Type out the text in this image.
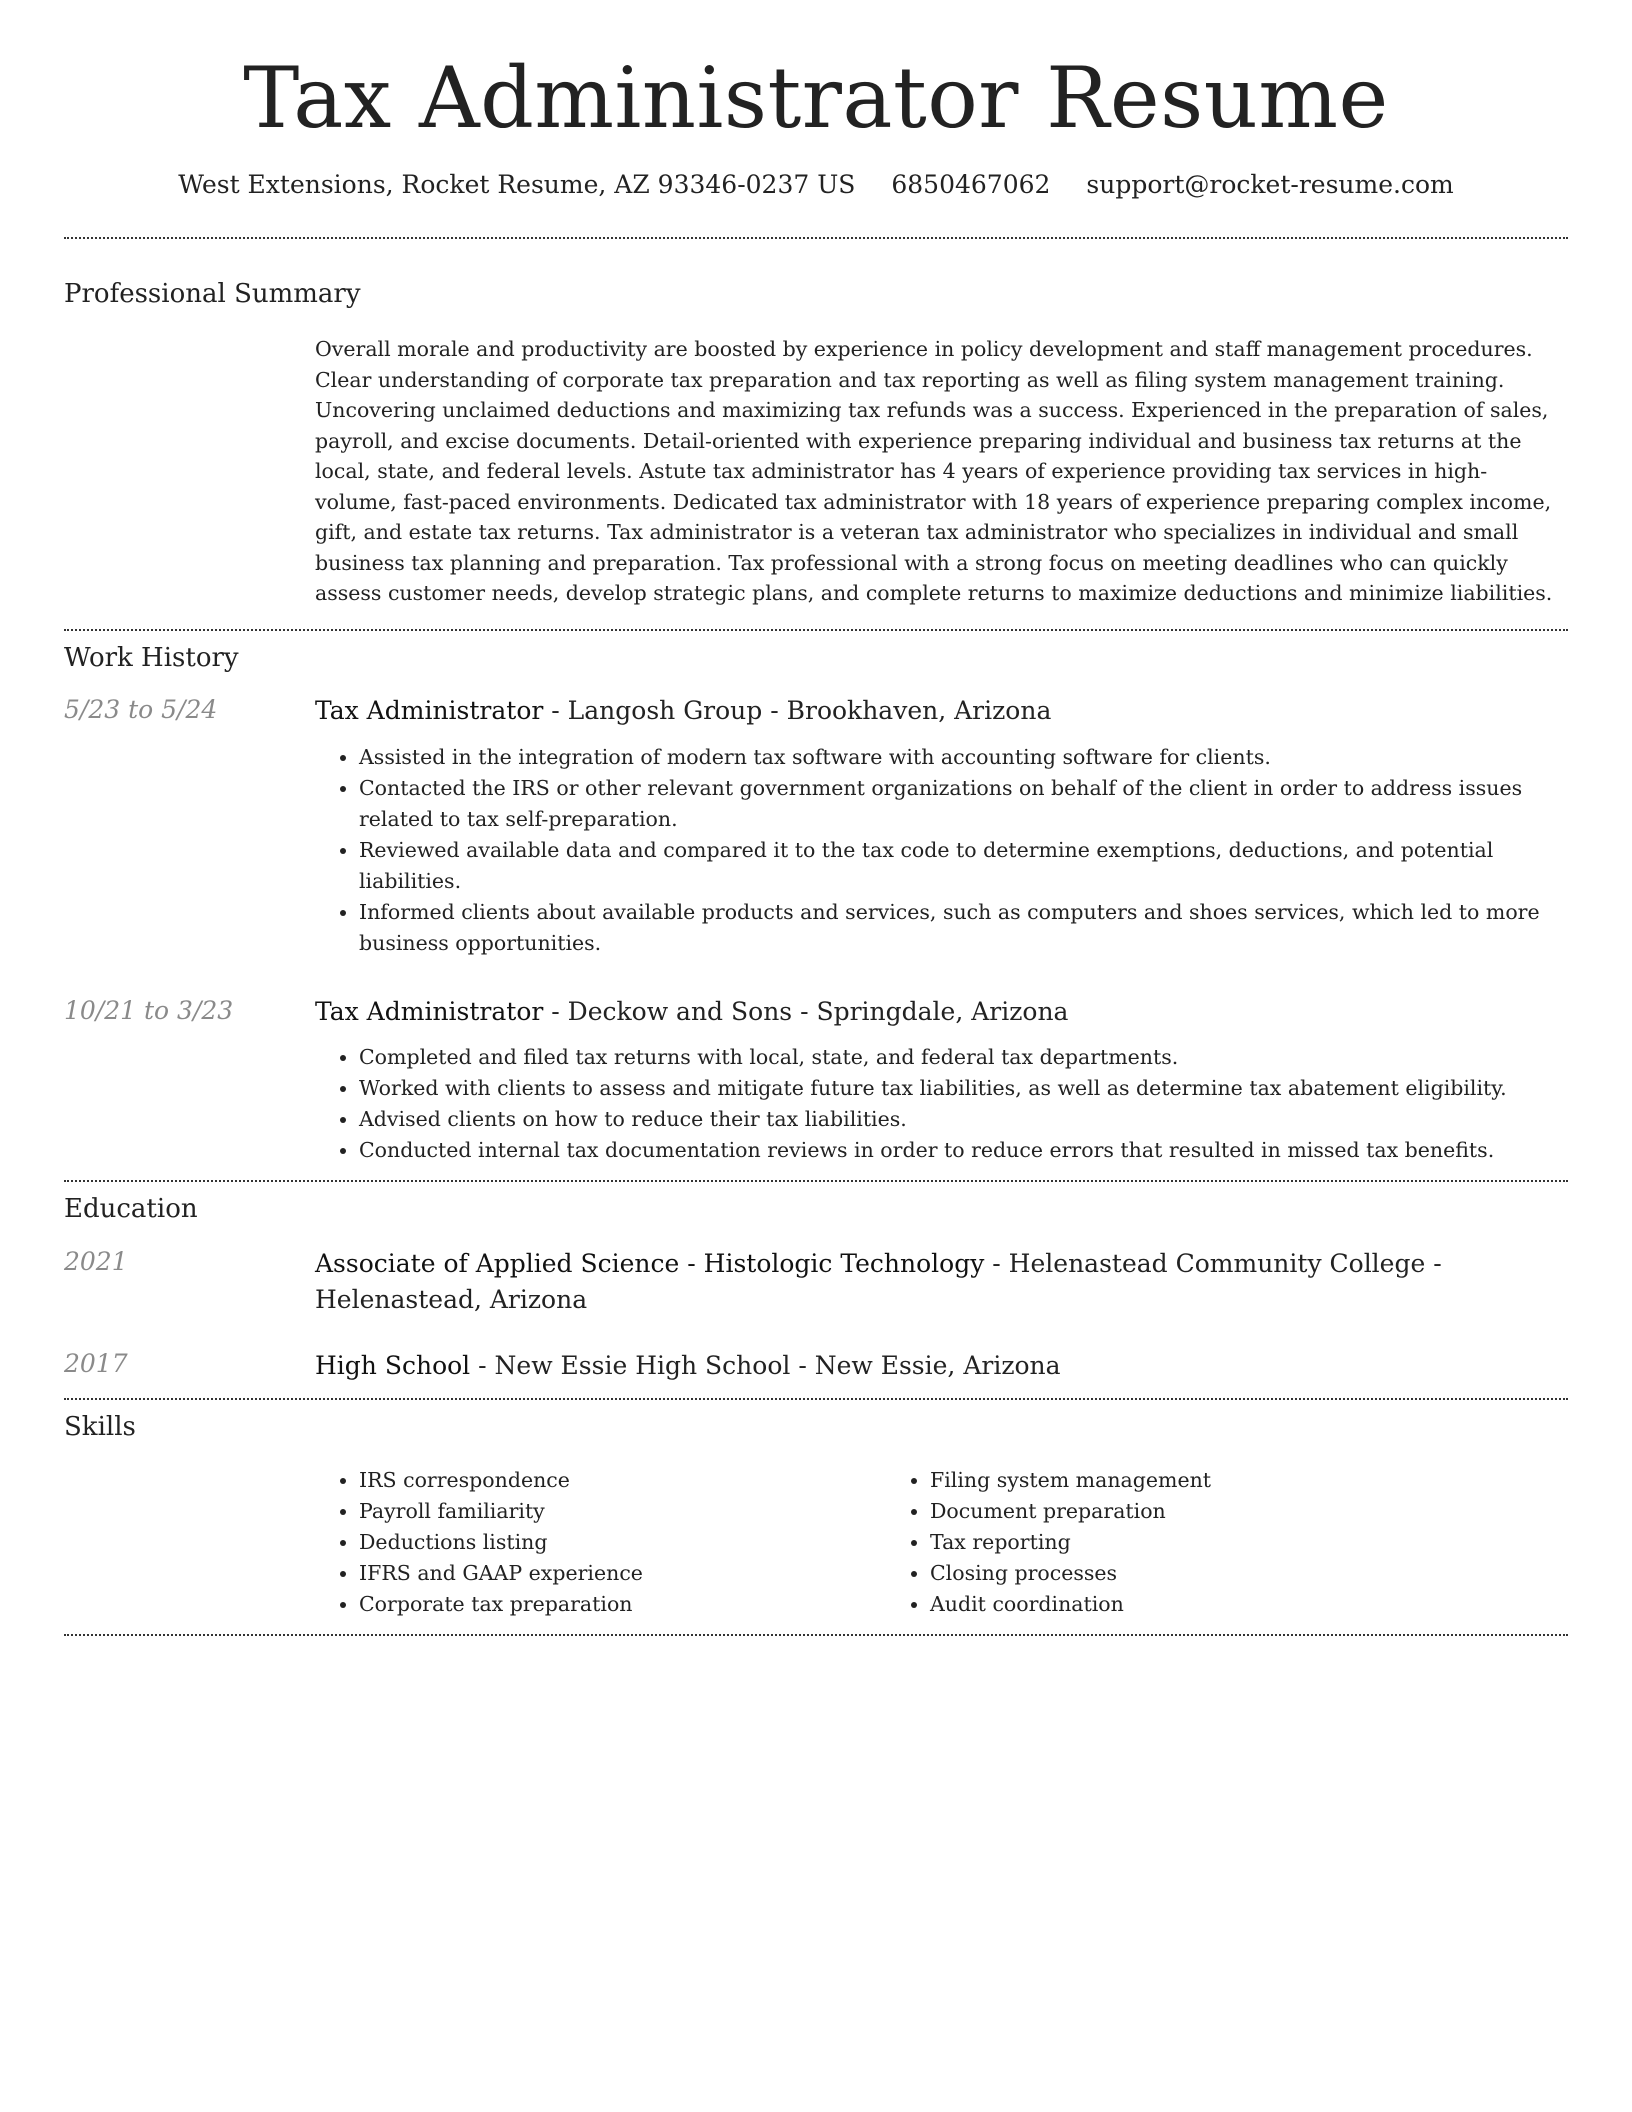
Tax Administrator Resume
West Extensions, Rocket Resume, AZ 93346-0237 US 6850467062 support@rocket-resume.com
Professional Summary

Overall morale and productivity are boosted by experience in policy development and staff management procedures. Clear understanding of corporate tax preparation and tax reporting as well as filing system management training. Uncovering unclaimed deductions and maximizing tax refunds was a success. Experienced in the preparation of sales, payroll, and excise documents. Detail-oriented with experience preparing individual and business tax returns at the local, state, and federal levels. Astute tax administrator has 4 years of experience providing tax services in high-volume, fast-paced environments. Dedicated tax administrator with 18 years of experience preparing complex income, gift, and estate tax returns. Tax administrator is a veteran tax administrator who specializes in individual and small business tax planning and preparation. Tax professional with a strong focus on meeting deadlines who can quickly assess customer needs, develop strategic plans, and complete returns to maximize deductions and minimize liabilities.

Work History
5/23 to 5/24	Tax Administrator - Langosh Group - Brookhaven, Arizona

• Assisted in the integration of modern tax software with accounting software for clients.
• Contacted the IRS or other relevant government organizations on behalf of the client in order to address issues related to tax self-preparation.
• Reviewed available data and compared it to the tax code to determine exemptions, deductions, and potential liabilities.
• Informed clients about available products and services, such as computers and shoes services, which led to more business opportunities.
10/21 to 3/23	Tax Administrator - Deckow and Sons - Springdale, Arizona

• Completed and filed tax returns with local, state, and federal tax departments.
• Worked with clients to assess and mitigate future tax liabilities, as well as determine tax abatement eligibility.
• Advised clients on how to reduce their tax liabilities.
• Conducted internal tax documentation reviews in order to reduce errors that resulted in missed tax benefits.
Education
2021	Associate of Applied Science - Histologic Technology - Helenastead Community College - Helenastead, Arizona

2017	High School - New Essie High School - New Essie, Arizona

Skills
• IRS correspondence
• Payroll familiarity
• Deductions listing
• IFRS and GAAP experience
• Corporate tax preparation
• Filing system management
• Document preparation
• Tax reporting
• Closing processes
• Audit coordination
